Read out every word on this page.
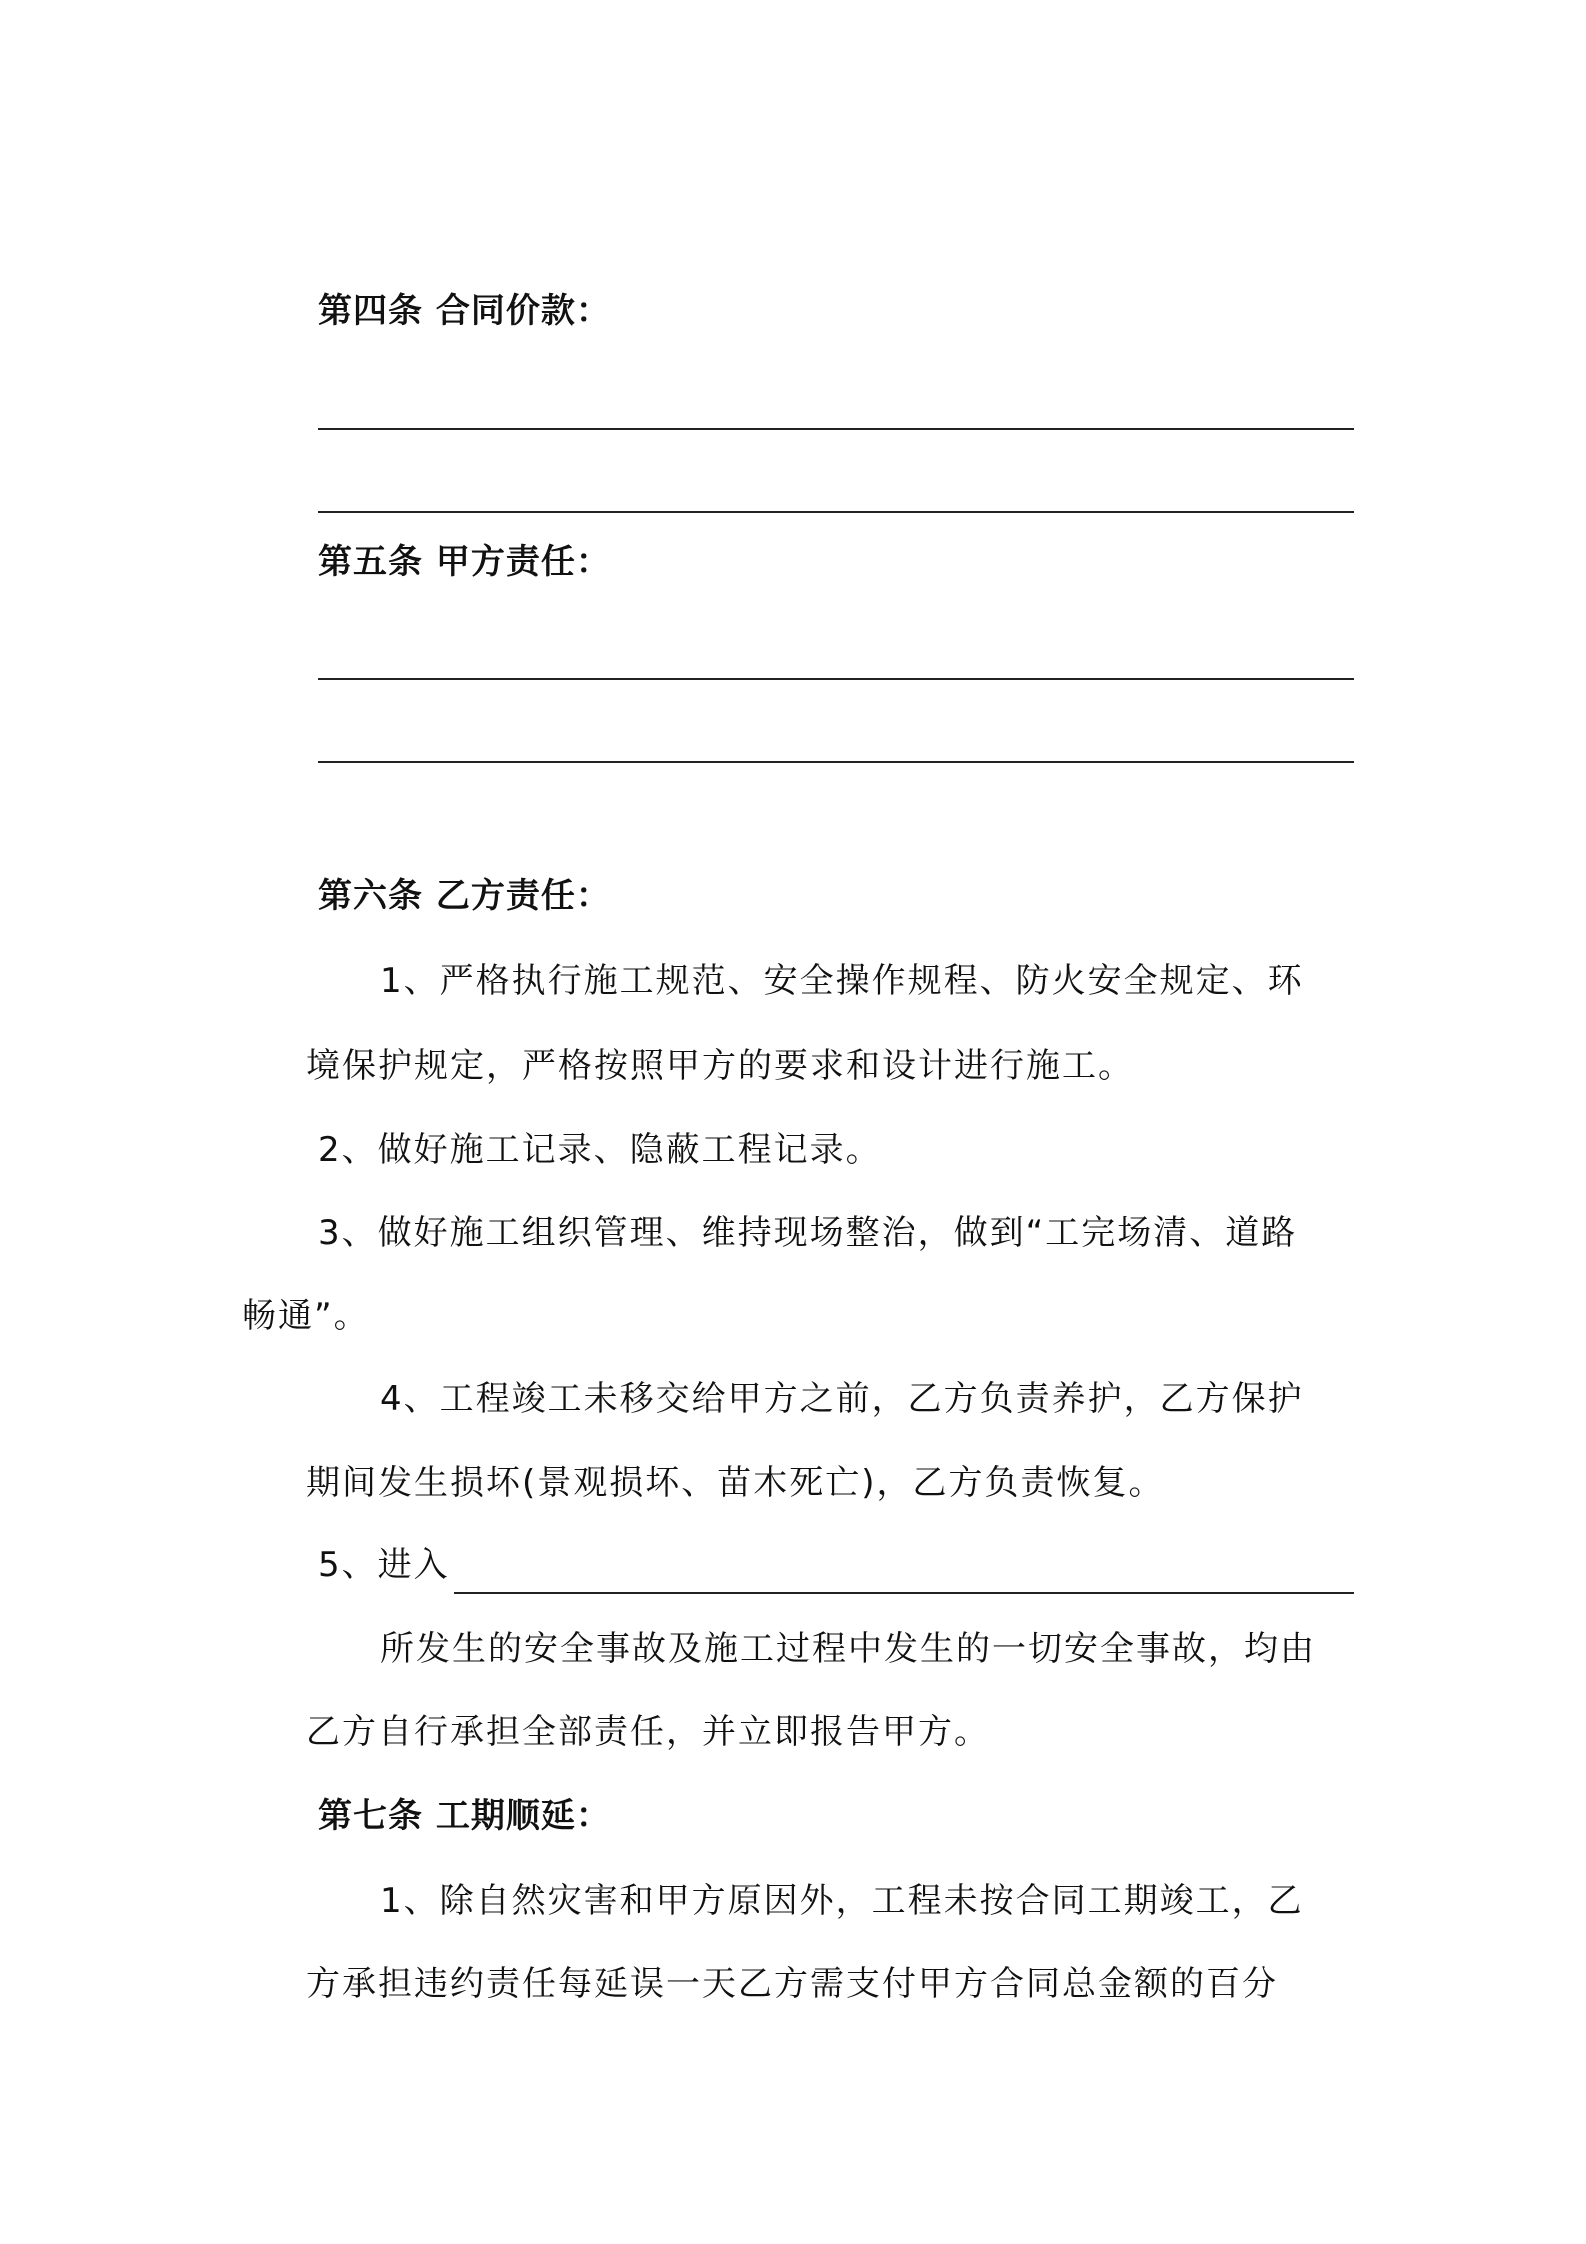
第四条 合同价款：
第五条 甲方责任：
第六条 乙方责任：
1、严格执行施工规范、安全操作规程、防火安全规定、环
境保护规定，严格按照甲方的要求和设计进行施工。
2、做好施工记录、隐蔽工程记录。
3、做好施工组织管理、维持现场整治，做到“工完场清、道路
畅通”。
4、工程竣工未移交给甲方之前，乙方负责养护，乙方保护
期间发生损坏(景观损坏、苗木死亡)，乙方负责恢复。
5、进入
所发生的安全事故及施工过程中发生的一切安全事故，均由
乙方自行承担全部责任，并立即报告甲方。
第七条 工期顺延：
1、除自然灾害和甲方原因外，工程未按合同工期竣工，乙
方承担违约责任每延误一天乙方需支付甲方合同总金额的百分
